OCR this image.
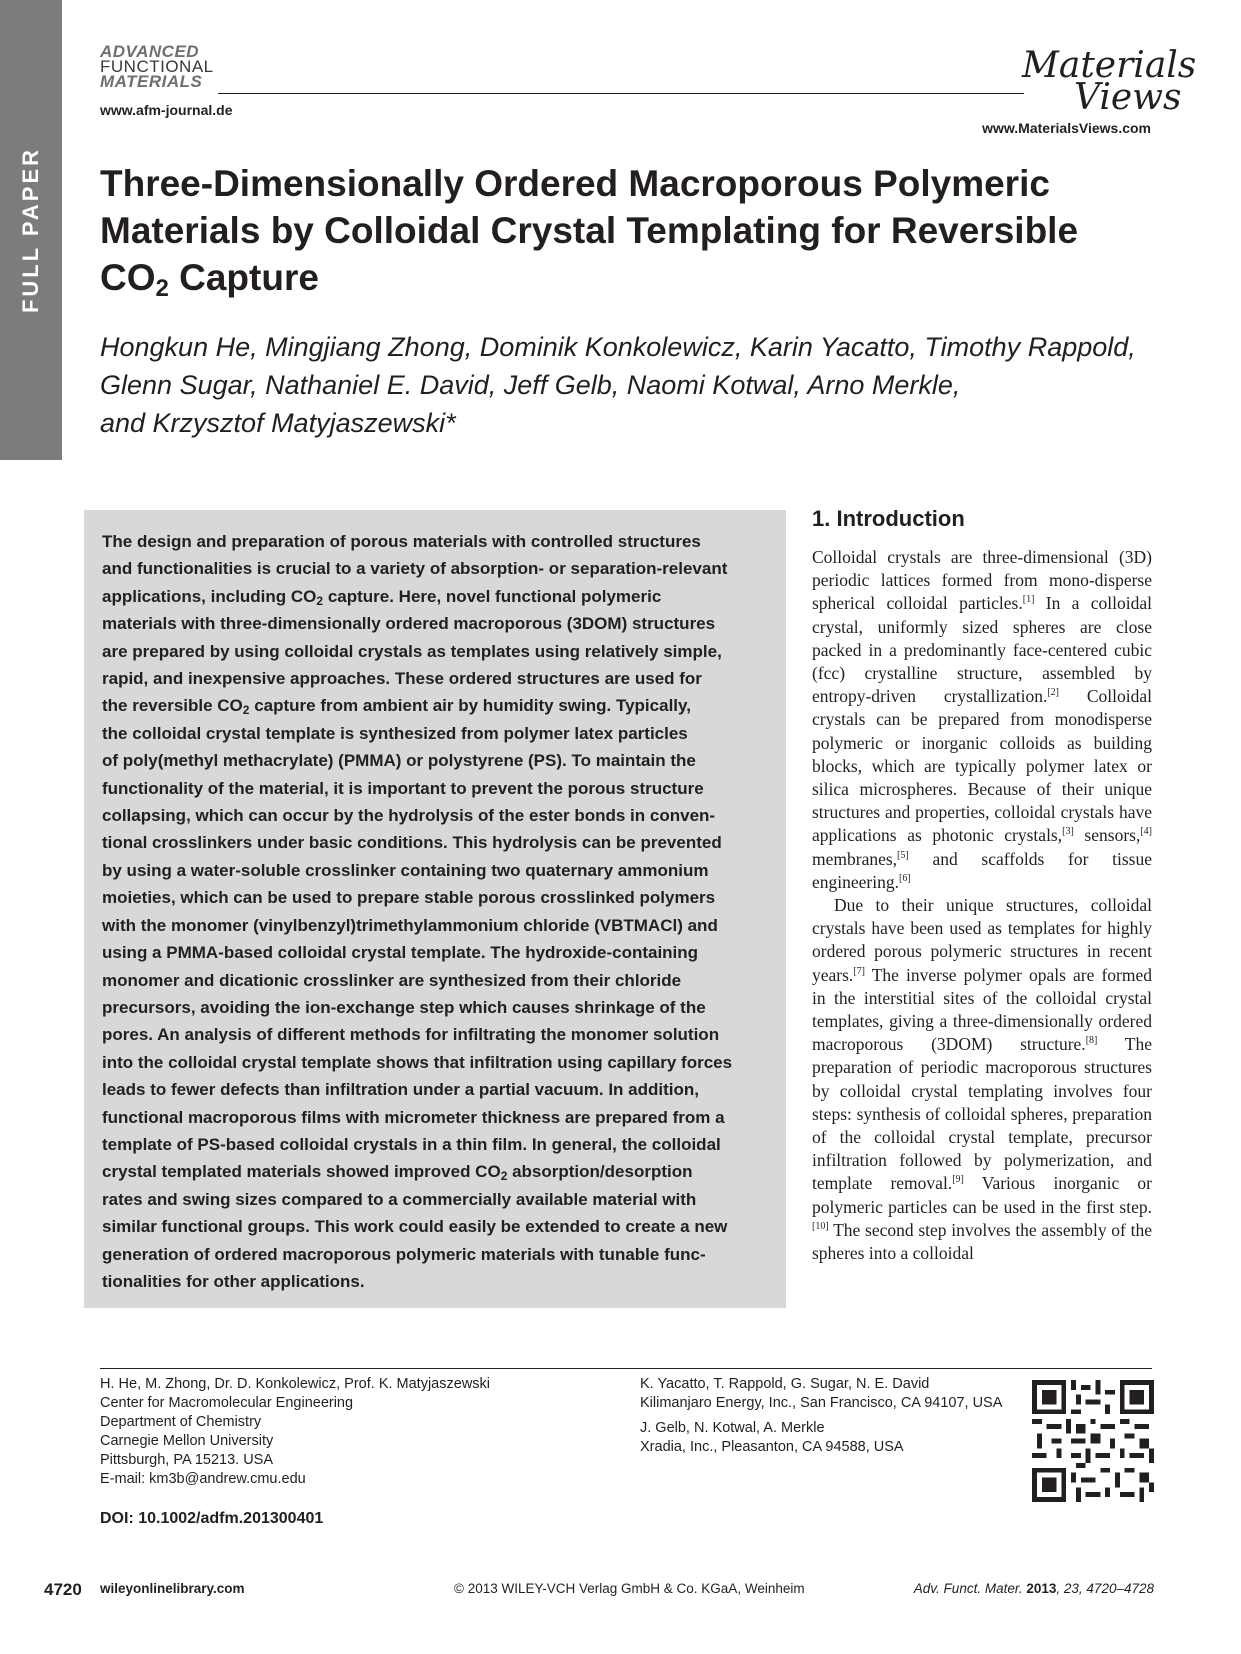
FULL PAPER
ADVANCED
FUNCTIONAL
MATERIALS
www.afm-journal.de
Materials
Views
www.MaterialsViews.com
Three-Dimensionally Ordered Macroporous Polymeric
Materials by Colloidal Crystal Templating for Reversible
$CO_2$ Capture
Hongkun He, Mingjiang Zhong, Dominik Konkolewicz, Karin Yacatto, Timothy Rappold,
Glenn Sugar, Nathaniel E. David, Jeff Gelb, Naomi Kotwal, Arno Merkle,
and Krzysztof Matyjaszewski*
The design and preparation of porous materials with controlled structures
and functionalities is crucial to a variety of absorption- or separation-relevant
applications, including $CO_2$ capture. Here, novel functional polymeric
materials with three-dimensionally ordered macroporous (3DOM) structures
are prepared by using colloidal crystals as templates using relatively simple,
rapid, and inexpensive approaches. These ordered structures are used for
the reversible $CO_2$ capture from ambient air by humidity swing. Typically,
the colloidal crystal template is synthesized from polymer latex particles
of poly(methyl methacrylate) (PMMA) or polystyrene (PS). To maintain the
functionality of the material, it is important to prevent the porous structure
collapsing, which can occur by the hydrolysis of the ester bonds in conven-
tional crosslinkers under basic conditions. This hydrolysis can be prevented
by using a water-soluble crosslinker containing two quaternary ammonium
moieties, which can be used to prepare stable porous crosslinked polymers
with the monomer (vinylbenzyl)trimethylammonium chloride (VBTMACl) and
using a PMMA-based colloidal crystal template. The hydroxide-containing
monomer and dicationic crosslinker are synthesized from their chloride
precursors, avoiding the ion-exchange step which causes shrinkage of the
pores. An analysis of different methods for infiltrating the monomer solution
into the colloidal crystal template shows that infiltration using capillary forces
leads to fewer defects than infiltration under a partial vacuum. In addition,
functional macroporous films with micrometer thickness are prepared from a
template of PS-based colloidal crystals in a thin film. In general, the colloidal
crystal templated materials showed improved $CO_2$ absorption/desorption
rates and swing sizes compared to a commercially available material with
similar functional groups. This work could easily be extended to create a new
generation of ordered macroporous polymeric materials with tunable func-
tionalities for other applications.
1. Introduction

Colloidal crystals are three-dimensional (3D) periodic lattices formed from mono-disperse spherical colloidal particles.[1] In a colloidal crystal, uniformly sized spheres are close packed in a predominantly face-centered cubic (fcc) crystalline structure, assembled by entropy-driven crystallization.[2] Colloidal crystals can be prepared from monodisperse polymeric or inorganic colloids as building blocks, which are typically polymer latex or silica microspheres. Because of their unique structures and properties, colloidal crystals have applications as photonic crystals,[3] sensors,[4] membranes,[5] and scaffolds for tissue engineering.[6]

Due to their unique structures, colloidal crystals have been used as templates for highly ordered porous polymeric structures in recent years.[7] The inverse polymer opals are formed in the interstitial sites of the colloidal crystal templates, giving a three-dimensionally ordered macroporous (3DOM) structure.[8] The preparation of periodic macroporous structures by colloidal crystal templating involves four steps: synthesis of colloidal spheres, preparation of the colloidal crystal template, precursor infiltration followed by polymerization, and template removal.[9] Various inorganic or polymeric particles can be used in the first step.[10] The second step involves the assembly of the spheres into a colloidal

H. He, M. Zhong, Dr. D. Konkolewicz, Prof. K. Matyjaszewski
Center for Macromolecular Engineering
Department of Chemistry
Carnegie Mellon University
Pittsburgh, PA 15213. USA
E-mail: km3b@andrew.cmu.edu
K. Yacatto, T. Rappold, G. Sugar, N. E. David
Kilimanjaro Energy, Inc., San Francisco, CA 94107, USA
J. Gelb, N. Kotwal, A. Merkle
Xradia, Inc., Pleasanton, CA 94588, USA
DOI: 10.1002/adfm.201300401
4720 wileyonlinelibrary.com	© 2013 WILEY-VCH Verlag GmbH & Co. KGaA, Weinheim	Adv. Funct. Mater. 2013, 23, 4720–4728
